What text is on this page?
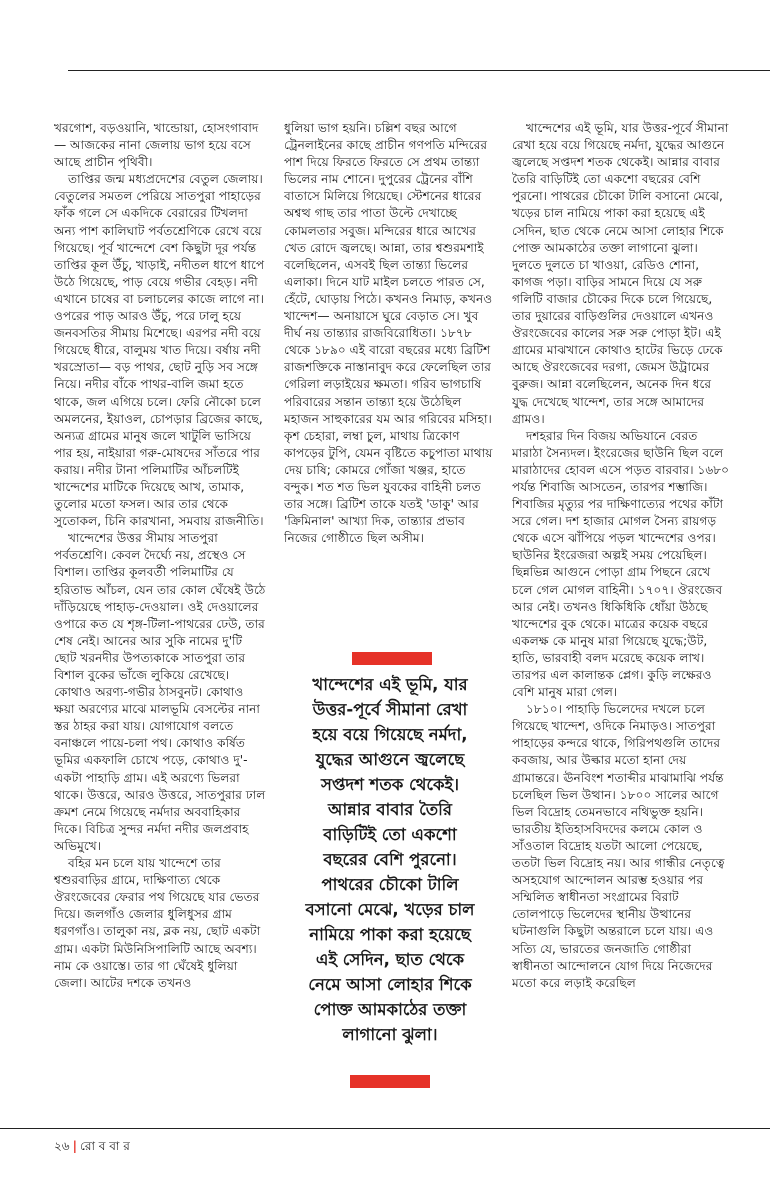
খরগোশ, বড়ওয়ানি, খান্ডোয়া, হোসংগাবাদ— আজকের নানা জেলায় ভাগ হয়ে বসে আছে প্রাচীন পৃথিবী।

তাপ্তির জন্ম মধ্যপ্রদেশের বেতুল জেলায়। বেতুলের সমতল পেরিয়ে সাতপুরা পাহাড়ের ফাঁক গলে সে একদিকে বেরারের টিখলদা অন্য পাশ কালিঘাট পর্বতশ্রেণিকে রেখে বয়ে গিয়েছে। পূর্ব খান্দেশে বেশ কিছুটা দূর পর্যন্ত তাপ্তির কূল উঁচু, খাড়াই, নদীতল ধাপে ধাপে উঠে গিয়েছে, পাড় বেয়ে গভীর বেহড়। নদী এখানে চাষের বা চলাচলের কাজে লাগে না। ওপরের পাড় আরও উঁচু, পরে ঢালু হয়ে জনবসতির সীমায় মিশেছে। এরপর নদী বয়ে গিয়েছে ধীরে, বালুময় খাত দিয়ে। বর্ষায় নদী খরস্রোতা— বড় পাথর, ছোট নুড়ি সব সঙ্গে নিয়ে। নদীর বাঁকে পাথর-বালি জমা হতে থাকে, জল এগিয়ে চলে। ফেরি নৌকো চলে অমলনের, ইয়াওল, চোপড়ার ব্রিজের কাছে, অন্যত্র গ্রামের মানুষ জলে খাটুলি ভাসিয়ে পার হয়, নাইয়ারা গরু-মোষদের সাঁতরে পার করায়। নদীর টানা পলিমাটির আঁচলটিই খান্দেশের মাটিকে দিয়েছে আখ, তামাক, তুলোর মতো ফসল। আর তার থেকে সুতোকল, চিনি কারখানা, সমবায় রাজনীতি।

খান্দেশের উত্তর সীমায় সাতপুরা পর্বতশ্রেণি। কেবল দৈর্ঘ্যে নয়, প্রস্থেও সে বিশাল। তাপ্তির কূলবর্তী পলিমাটির যে হরিতাভ আঁচল, যেন তার কোল ঘেঁষেই উঠে দাঁড়িয়েছে পাহাড়-দেওয়াল। ওই দেওয়ালের ওপারে কত যে শৃঙ্গ-টিলা-পাথরের ঢেউ, তার শেষ নেই। আনের আর সুকি নামের দু'টি ছোট খরনদীর উপত্যকাকে সাতপুরা তার বিশাল বুকের ভাঁজে লুকিয়ে রেখেছে। কোথাও অরণ্য-গভীর ঠাসবুনট। কোথাও ক্ষয়া অরণ্যের মাঝে মালভূমি বেসল্টের নানা স্তর ঠাহর করা যায়। যোগাযোগ বলতে বনাঞ্চলে পায়ে-চলা পথ। কোথাও কর্ষিত ভূমির একফালি চোখে পড়ে, কোথাও দু'-একটা পাহাড়ি গ্রাম। এই অরণ্যে ভিলরা থাকে। উত্তরে, আরও উত্তরে, সাতপুরার ঢাল ক্রমশ নেমে গিয়েছে নর্মদার অববাহিকার দিকে। বিচিত্র সুন্দর নর্মদা নদীর জলপ্রবাহ অভিমুখে।

বহির মন চলে যায় খান্দেশে তার শ্বশুরবাড়ির গ্রামে, দাক্ষিণাত্য থেকে ঔরংজেবের ফেরার পথ গিয়েছে যার ভেতর দিয়ে। জলগাঁও জেলার ধুলিধুসর গ্রাম ধরণগাঁও। তালুকা নয়, ব্লক নয়, ছোট একটা গ্রাম। একটা মিউনিসিপালিটি আছে অবশ্য। নাম কে ওয়াস্তে। তার গা ঘেঁষেই ধুলিয়া জেলা। আটের দশকে তখনও

ধুলিয়া ভাগ হয়নি। চল্লিশ বছর আগে ট্রেনলাইনের কাছে প্রাচীন গণপতি মন্দিরের পাশ দিয়ে ফিরতে ফিরতে সে প্রথম তান্ত্যা ভিলের নাম শোনে। দুপুরের ট্রেনের বাঁশি বাতাসে মিলিয়ে গিয়েছে। স্টেশনের ধারের অশ্বত্থ গাছ তার পাতা উল্টে দেখাচ্ছে কোমলতার সবুজ। মন্দিরের ধারে আখের খেত রোদে জ্বলছে। আন্না, তার শ্বশুরমশাই বলেছিলেন, এসবই ছিল তান্ত্যা ভিলের এলাকা। দিনে যাট মাইল চলতে পারত সে, হেঁটে, ঘোড়ায় পিঠে। কখনও নিমাড়, কখনও খান্দেশ— অনায়াসে ঘুরে বেড়াত সে। খুব দীর্ঘ নয় তান্ত্যার রাজবিরোধিতা। ১৮৭৮ থেকে ১৮৯০ এই বারো বছরের মধ্যে ব্রিটিশ রাজশক্তিকে নাস্তানাবুদ করে ফেলেছিল তার গেরিলা লড়াইয়ের ক্ষমতা। গরিব ভাগচাষি পরিবারের সন্তান তান্ত্যা হয়ে উঠেছিল মহাজন সাহুকারের যম আর গরিবের মসিহা। কৃশ চেহারা, লম্বা চুল, মাথায় ত্রিকোণ কাপড়ের টুপি, যেমন বৃষ্টিতে কচুপাতা মাথায় দেয় চাষি; কোমরে গোঁজা খঞ্জর, হাতে বন্দুক। শত শত ভিল যুবকের বাহিনী চলত তার সঙ্গে। ব্রিটিশ তাকে যতই 'ডাকু' আর 'ক্রিমিনাল' আখ্যা দিক, তান্ত্যার প্রভাব নিজের গোষ্ঠীতে ছিল অসীম।

খান্দেশের এই ভূমি, যার উত্তর-পূর্বে সীমানা রেখা হয়ে বয়ে গিয়েছে নর্মদা, যুদ্ধের আগুনে জ্বলেছে সপ্তদশ শতক থেকেই। আন্নার বাবার তৈরি বাড়িটিই তো একশো বছরের বেশি পুরনো। পাথরের চৌকো টালি বসানো মেঝে, খড়ের চাল নামিয়ে পাকা করা হয়েছে এই সেদিন, ছাত থেকে নেমে আসা লোহার শিকে পোক্ত আমকাঠের তক্তা লাগানো ঝুলা।

খান্দেশের এই ভূমি, যার উত্তর-পূর্বে সীমানা রেখা হয়ে বয়ে গিয়েছে নর্মদা, যুদ্ধের আগুনে জ্বলেছে সপ্তদশ শতক থেকেই। আন্নার বাবার তৈরি বাড়িটিই তো একশো বছরের বেশি পুরনো। পাথরের চৌকো টালি বসানো মেঝে, খড়ের চাল নামিয়ে পাকা করা হয়েছে এই সেদিন, ছাত থেকে নেমে আসা লোহার শিকে পোক্ত আমকাঠের তক্তা লাগানো ঝুলা। দুলতে দুলতে চা খাওয়া, রেডিও শোনা, কাগজ পড়া। বাড়ির সামনে দিয়ে যে সরু গলিটি বাজার চৌকের দিকে চলে গিয়েছে, তার দুয়ারের বাড়িগুলির দেওয়ালে এখনও ঔরংজেবের কালের সরু সরু পোড়া ইট। এই গ্রামের মাঝখানে কোথাও হাটের ভিড়ে ঢেকে আছে ঔরংজেবের দরগা, জেমস উট্রামের বুরুজ। আন্না বলেছিলেন, অনেক দিন ধরে যুদ্ধ দেখেছে খান্দেশ, তার সঙ্গে আমাদের গ্রামও।

দশহরার দিন বিজয় অভিযানে বেরত মারাঠা সৈন্যদল। ইংরেজের ছাউনি ছিল বলে মারাঠাদের হোবল এসে পড়ত বারবার। ১৬৮০ পর্যন্ত শিবাজি আসতেন, তারপর শম্ভাজি। শিবাজির মৃত্যুর পর দাক্ষিণাত্যের পথের কাঁটা সরে গেল। দশ হাজার মোগল সৈন্য রায়গড় থেকে এসে ঝাঁপিয়ে পড়ল খান্দেশের ওপর। ছাউনির ইংরেজরা অল্পই সময় পেয়েছিল। ছিন্নভিন্ন আগুনে পোড়া গ্রাম পিছনে রেখে চলে গেল মোগল বাহিনী। ১৭০৭। ঔরংজেব আর নেই। তখনও ধিকিধিকি ধোঁয়া উঠছে খান্দেশের বুক থেকে। মাত্রের কয়েক বছরে একলক্ষ কে মানুষ মারা গিয়েছে যুদ্ধে;উট, হাতি, ভারবাহী বলদ মরেছে কয়েক লাখ। তারপর এল কালান্তক প্লেগ। কুড়ি লক্ষেরও বেশি মানুষ মারা গেল।

১৮১০। পাহাড়ি ভিলেদের দখলে চলে গিয়েছে খান্দেশ, ওদিকে নিমাড়ও। সাতপুরা পাহাড়ের কন্দরে থাকে, গিরিপথগুলি তাদের কবজায়, আর উল্কার মতো হানা দেয় গ্রামান্তরে। ঊনবিংশ শতাব্দীর মাঝামাঝি পর্যন্ত চলেছিল ভিল উত্থান। ১৮০০ সালের আগে ভিল বিদ্রোহ তেমনভাবে নথিভুক্ত হয়নি। ভারতীয় ইতিহাসবিদদের কলমে কোল ও সাঁওতাল বিদ্রোহ যতটা আলো পেয়েছে, ততটা ভিল বিদ্রোহ নয়। আর গান্ধীর নেতৃত্বে অসহযোগ আন্দোলন আরম্ভ হওয়ার পর সম্মিলিত স্বাধীনতা সংগ্রামের বিরাট তোলপাড়ে ভিলেদের স্থানীয় উত্থানের ঘটনাগুলি কিছুটা অন্তরালে চলে যায়। এও সত্যি যে, ভারতের জনজাতি গোষ্ঠীরা স্বাধীনতা আন্দোলনে যোগ দিয়ে নিজেদের মতো করে লড়াই করেছিল

২৬ | রো ব বা র
